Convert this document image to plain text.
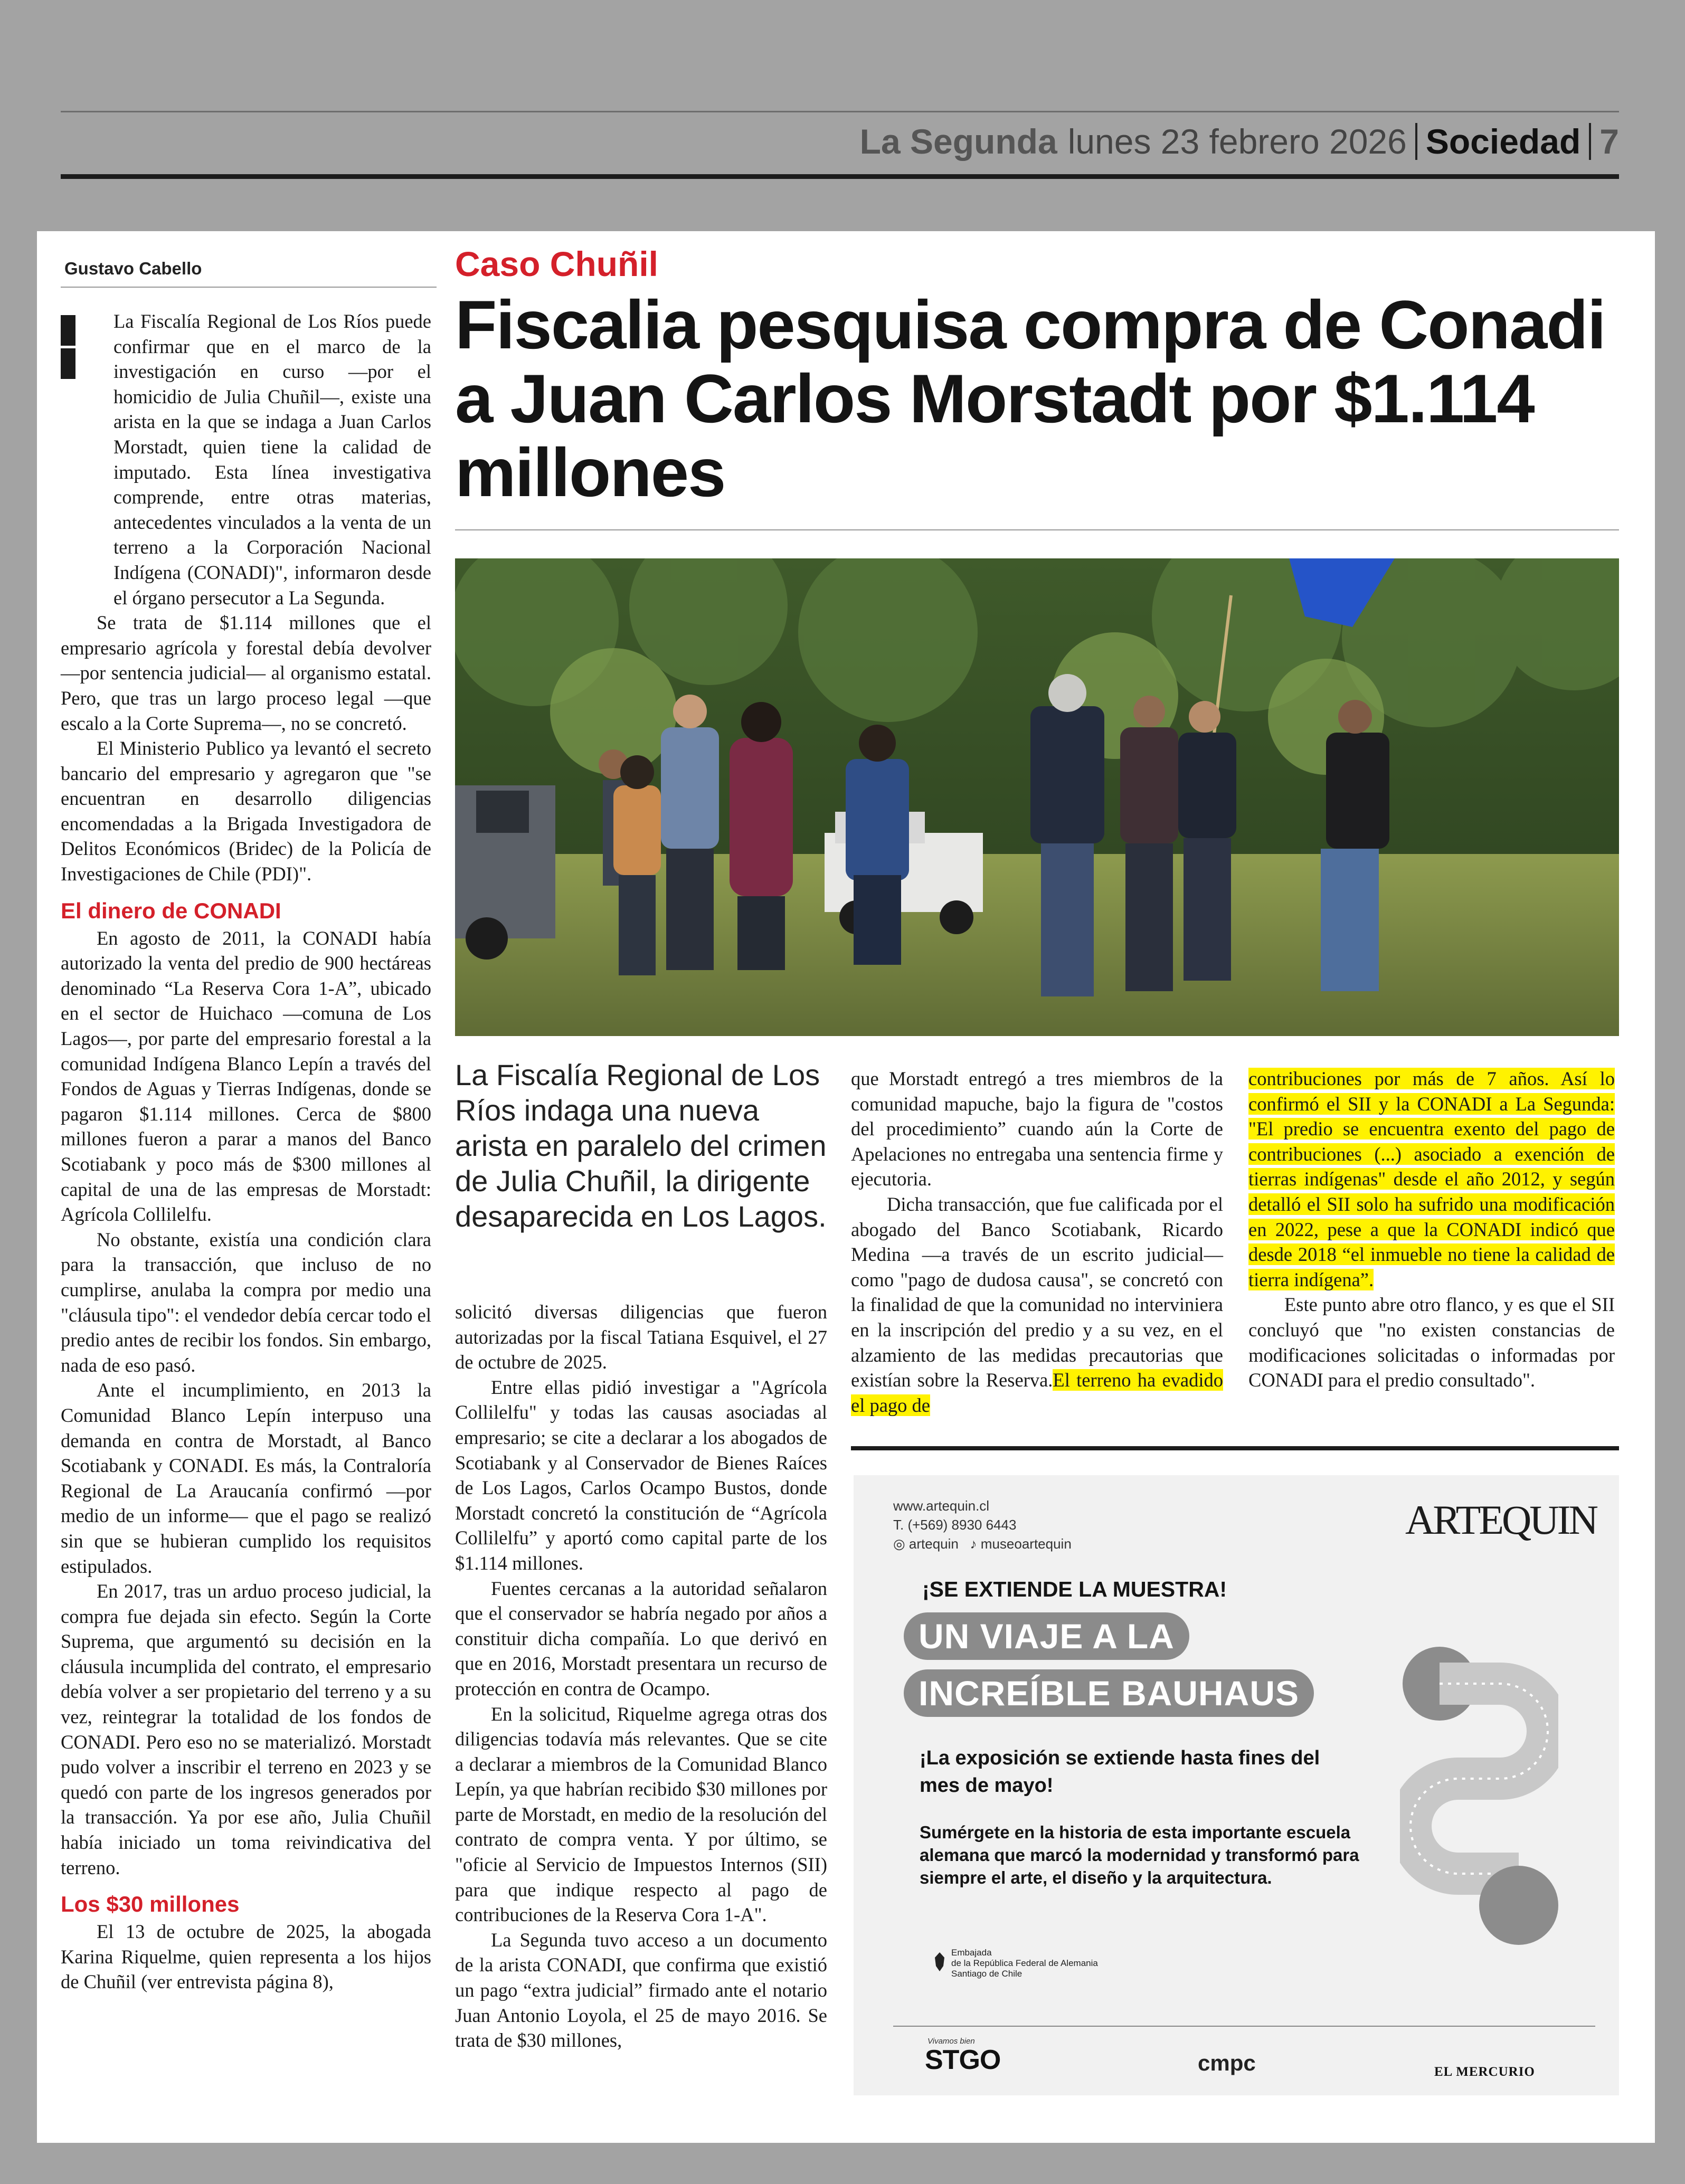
La Segunda lunes 23 febrero 2026 Sociedad 7
Gustavo Cabello

La Fiscalía Regional de Los Ríos puede confirmar que en el marco de la investigación en curso —por el homicidio de Julia Chuñil—, existe una arista en la que se indaga a Juan Carlos Morstadt, quien tiene la calidad de imputado. Esta línea investigativa comprende, entre otras materias, antecedentes vinculados a la venta de un terreno a la Corporación Nacional Indígena (CONADI)", informaron desde el órgano persecutor a La Segunda.

Se trata de $1.114 millones que el empresario agrícola y forestal debía devolver —por sentencia judicial— al organismo estatal. Pero, que tras un largo proceso legal —que escalo a la Corte Suprema—, no se concretó.

El Ministerio Publico ya levantó el secreto bancario del empresario y agregaron que "se encuentran en desarrollo diligencias encomendadas a la Brigada Investigadora de Delitos Económicos (Bridec) de la Policía de Investigaciones de Chile (PDI)".

El dinero de CONADI

En agosto de 2011, la CONADI había autorizado la venta del predio de 900 hectáreas denominado “La Reserva Cora 1-A”, ubicado en el sector de Huichaco —comuna de Los Lagos—, por parte del empresario forestal a la comunidad Indígena Blanco Lepín a través del Fondos de Aguas y Tierras Indígenas, donde se pagaron $1.114 millones. Cerca de $800 millones fueron a parar a manos del Banco Scotiabank y poco más de $300 millones al capital de una de las empresas de Morstadt: Agrícola Collilelfu.

No obstante, existía una condición clara para la transacción, que incluso de no cumplirse, anulaba la compra por medio una "cláusula tipo": el vendedor debía cercar todo el predio antes de recibir los fondos. Sin embargo, nada de eso pasó.

Ante el incumplimiento, en 2013 la Comunidad Blanco Lepín interpuso una demanda en contra de Morstadt, al Banco Scotiabank y CONADI. Es más, la Contraloría Regional de La Araucanía confirmó —por medio de un informe— que el pago se realizó sin que se hubieran cumplido los requisitos estipulados.

En 2017, tras un arduo proceso judicial, la compra fue dejada sin efecto. Según la Corte Suprema, que argumentó su decisión en la cláusula incumplida del contrato, el empresario debía volver a ser propietario del terreno y a su vez, reintegrar la totalidad de los fondos de CONADI. Pero eso no se materializó. Morstadt pudo volver a inscribir el terreno en 2023 y se quedó con parte de los ingresos generados por la transacción. Ya por ese año, Julia Chuñil había iniciado un toma reivindicativa del terreno.

Los $30 millones

El 13 de octubre de 2025, la abogada Karina Riquelme, quien representa a los hijos de Chuñil (ver entrevista página 8),

Caso Chuñil
Fiscalia pesquisa compra de Conadi a Juan Carlos Morstadt por $1.114 millones

La Fiscalía Regional de Los Ríos indaga una nueva arista en paralelo del crimen de Julia Chuñil, la dirigente desaparecida en Los Lagos.

solicitó diversas diligencias que fueron autorizadas por la fiscal Tatiana Esquivel, el 27 de octubre de 2025.

Entre ellas pidió investigar a "Agrícola Collilelfu" y todas las causas asociadas al empresario; se cite a declarar a los abogados de Scotiabank y al Conservador de Bienes Raíces de Los Lagos, Carlos Ocampo Bustos, donde Morstadt concretó la constitución de “Agrícola Collilelfu” y aportó como capital parte de los $1.114 millones.

Fuentes cercanas a la autoridad señalaron que el conservador se habría negado por años a constituir dicha compañía. Lo que derivó en que en 2016, Morstadt presentara un recurso de protección en contra de Ocampo.

En la solicitud, Riquelme agrega otras dos diligencias todavía más relevantes. Que se cite a declarar a miembros de la Comunidad Blanco Lepín, ya que habrían recibido $30 millones por parte de Morstadt, en medio de la resolución del contrato de compra venta. Y por último, se "oficie al Servicio de Impuestos Internos (SII) para que indique respecto al pago de contribuciones de la Reserva Cora 1-A".

La Segunda tuvo acceso a un documento de la arista CONADI, que confirma que existió un pago “extra judicial” firmado ante el notario Juan Antonio Loyola, el 25 de mayo 2016. Se trata de $30 millones,

que Morstadt entregó a tres miembros de la comunidad mapuche, bajo la figura de "costos del procedimiento” cuando aún la Corte de Apelaciones no entregaba una sentencia firme y ejecutoria.

Dicha transacción, que fue calificada por el abogado del Banco Scotiabank, Ricardo Medina —a través de un escrito judicial— como "pago de dudosa causa", se concretó con la finalidad de que la comunidad no interviniera en la inscripción del predio y a su vez, en el alzamiento de las medidas precautorias que existían sobre la Reserva.El terreno ha evadido el pago de

contribuciones por más de 7 años. Así lo confirmó el SII y la CONADI a La Segunda: "El predio se encuentra exento del pago de contribuciones (...) asociado a exención de tierras indígenas" desde el año 2012, y según detalló el SII solo ha sufrido una modificación en 2022, pese a que la CONADI indicó que desde 2018 “el inmueble no tiene la calidad de tierra indígena”.

Este punto abre otro flanco, y es que el SII concluyó que "no existen constancias de modificaciones solicitadas o informadas por CONADI para el predio consultado".

www.artequin.cl
T. (+569) 8930 6443
◎ artequin ♪ museoartequin
ARTEQUIN
¡SE EXTIENDE LA MUESTRA!
UN VIAJE A LA
INCREÍBLE BAUHAUS
¡La exposición se extiende hasta fines del mes de mayo!
Sumérgete en la historia de esta importante escuela alemana que marcó la modernidad y transformó para siempre el arte, el diseño y la arquitectura.
Embajada
de la República Federal de Alemania
Santiago de Chile
Vivamos bien
STGO	cmpc	EL MERCURIO
